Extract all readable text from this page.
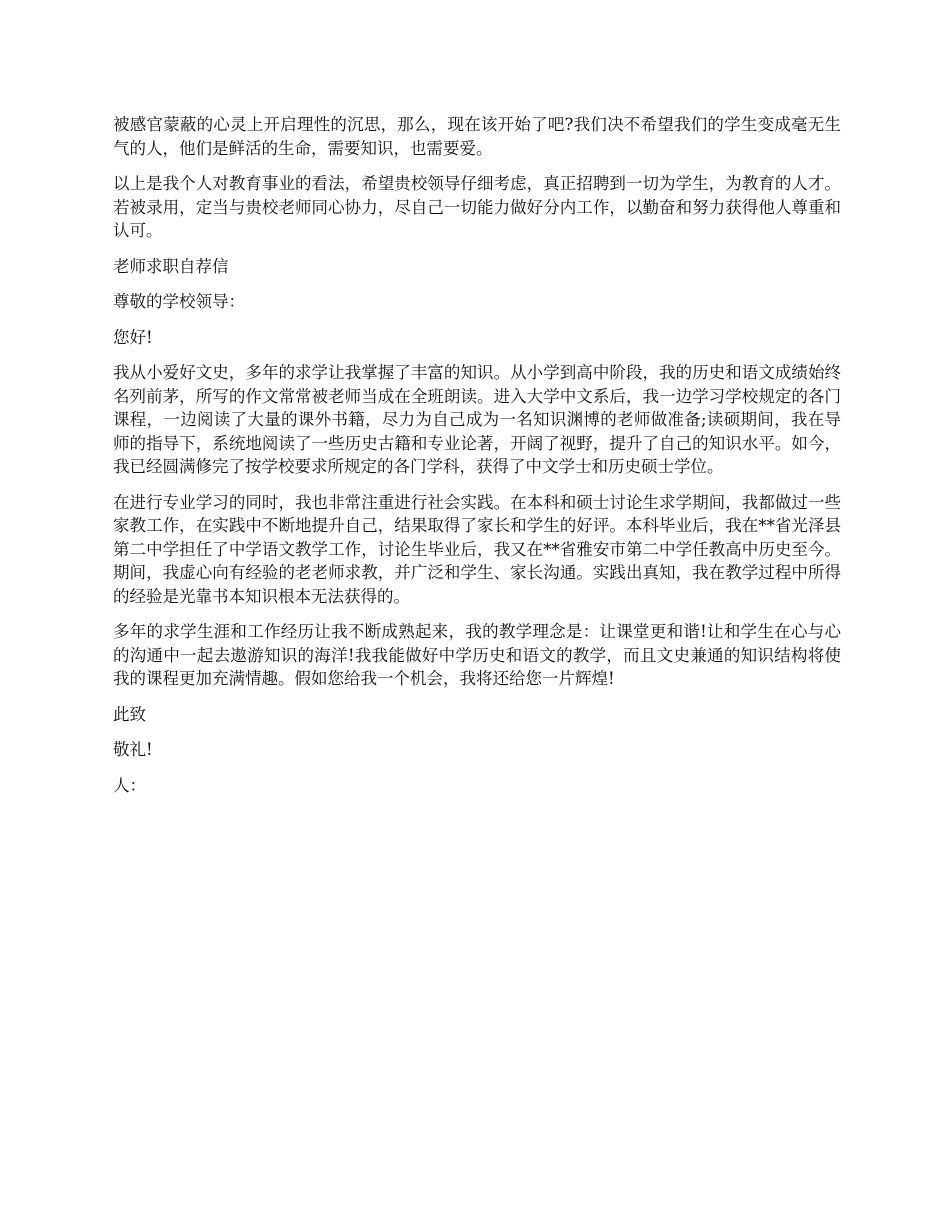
被感官蒙蔽的心灵上开启理性的沉思，那么，现在该开始了吧?我们决不希望我们的学生变成毫无生气的人，他们是鲜活的生命，需要知识，也需要爱。

以上是我个人对教育事业的看法，希望贵校领导仔细考虑，真正招聘到一切为学生，为教育的人才。若被录用，定当与贵校老师同心协力，尽自己一切能力做好分内工作，以勤奋和努力获得他人尊重和认可。

老师求职自荐信

尊敬的学校领导：

您好!

我从小爱好文史，多年的求学让我掌握了丰富的知识。从小学到高中阶段，我的历史和语文成绩始终名列前茅，所写的作文常常被老师当成在全班朗读。进入大学中文系后，我一边学习学校规定的各门课程，一边阅读了大量的课外书籍，尽力为自己成为一名知识渊博的老师做准备;读硕期间，我在导师的指导下，系统地阅读了一些历史古籍和专业论著，开阔了视野，提升了自己的知识水平。如今，我已经圆满修完了按学校要求所规定的各门学科，获得了中文学士和历史硕士学位。

在进行专业学习的同时，我也非常注重进行社会实践。在本科和硕士讨论生求学期间，我都做过一些家教工作，在实践中不断地提升自己，结果取得了家长和学生的好评。本科毕业后，我在**省光泽县第二中学担任了中学语文教学工作，讨论生毕业后，我又在**省雅安市第二中学任教高中历史至今。期间，我虚心向有经验的老老师求教，并广泛和学生、家长沟通。实践出真知，我在教学过程中所得的经验是光靠书本知识根本无法获得的。

多年的求学生涯和工作经历让我不断成熟起来，我的教学理念是：让课堂更和谐!让和学生在心与心的沟通中一起去遨游知识的海洋!我我能做好中学历史和语文的教学，而且文史兼通的知识结构将使我的课程更加充满情趣。假如您给我一个机会，我将还给您一片辉煌!

此致

敬礼!

人：
